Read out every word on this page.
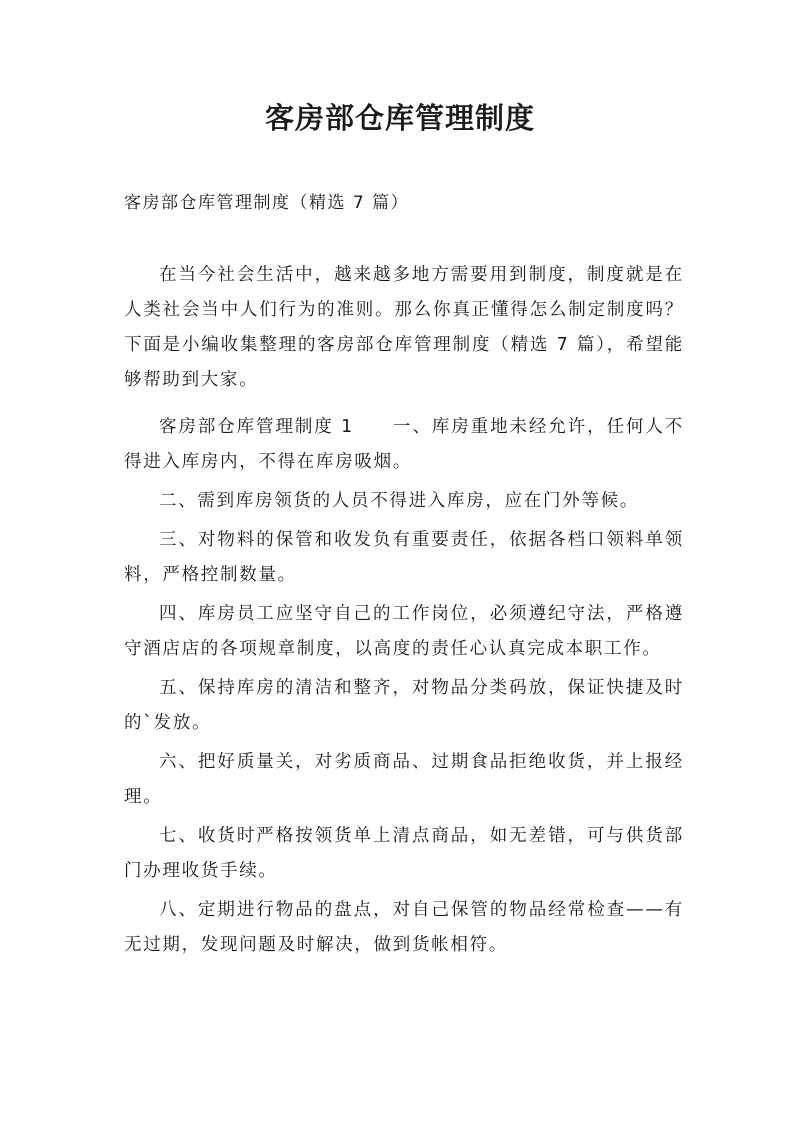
客房部仓库管理制度
客房部仓库管理制度（精选 7 篇）

在当今社会生活中，越来越多地方需要用到制度，制度就是在人类社会当中人们行为的准则。那么你真正懂得怎么制定制度吗？下面是小编收集整理的客房部仓库管理制度（精选 7 篇），希望能够帮助到大家。

客房部仓库管理制度 1　　一、库房重地未经允许，任何人不得进入库房内，不得在库房吸烟。

二、需到库房领货的人员不得进入库房，应在门外等候。

三、对物料的保管和收发负有重要责任，依据各档口领料单领料，严格控制数量。

四、库房员工应坚守自己的工作岗位，必须遵纪守法，严格遵守酒店店的各项规章制度，以高度的责任心认真完成本职工作。

五、保持库房的清洁和整齐，对物品分类码放，保证快捷及时的`发放。

六、把好质量关，对劣质商品、过期食品拒绝收货，并上报经理。

七、收货时严格按领货单上清点商品，如无差错，可与供货部门办理收货手续。

八、定期进行物品的盘点，对自己保管的物品经常检查——有无过期，发现问题及时解决，做到货帐相符。
